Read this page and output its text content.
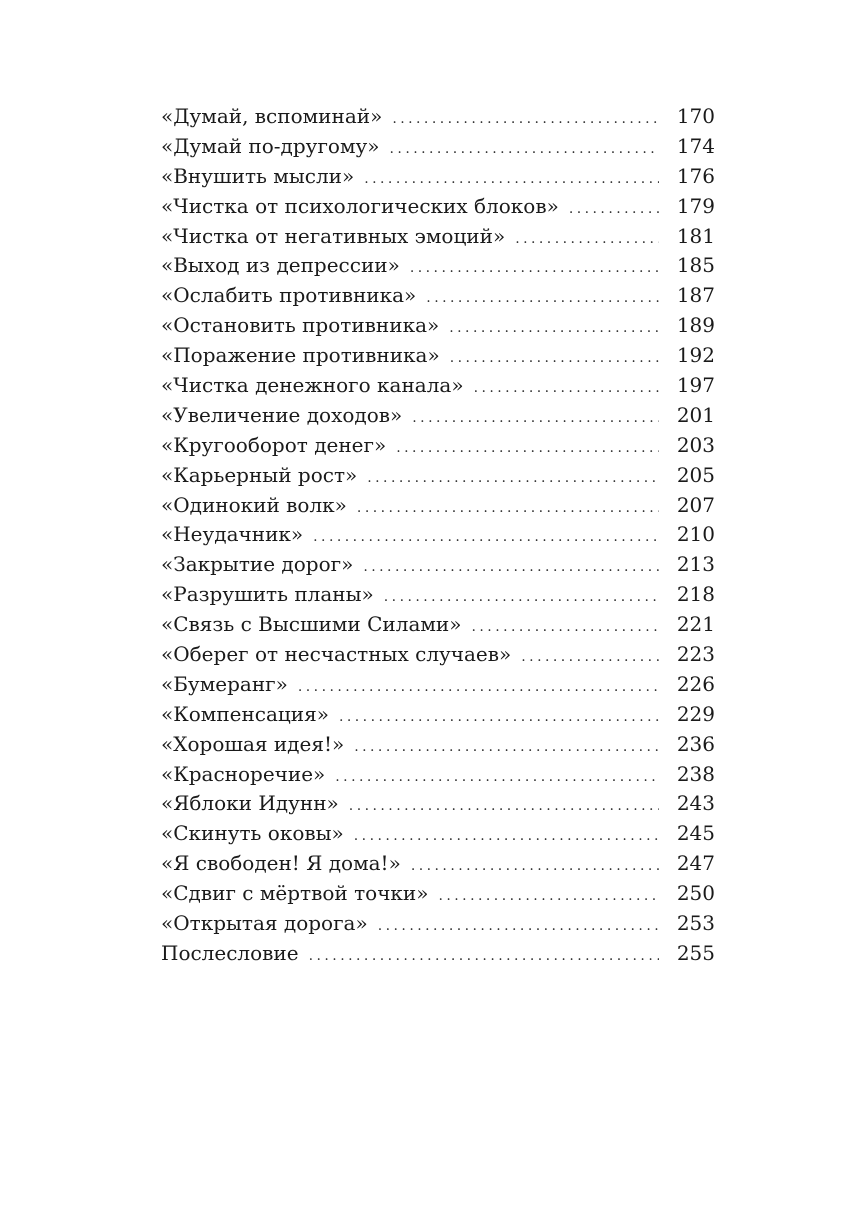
«Думай, вспоминай» . . .	170
«Думай по-другому» . . .	174
«Внушить мысли» . . .	176
«Чистка от психологических блоков» . . .	179
«Чистка от негативных эмоций» . . .	181
«Выход из депрессии» . . .	185
«Ослабить противника» . . .	187
«Остановить противника» . . .	189
«Поражение противника» . . .	192
«Чистка денежного канала» . . .	197
«Увеличение доходов» . . .	201
«Кругооборот денег» . . .	203
«Карьерный рост» . . .	205
«Одинокий волк» . . .	207
«Неудачник» . . .	210
«Закрытие дорог» . . .	213
«Разрушить планы» . . .	218
«Связь с Высшими Силами» . . .	221
«Оберег от несчастных случаев» . . .	223
«Бумеранг» . . .	226
«Компенсация» . . .	229
«Хорошая идея!» . . .	236
«Красноречие» . . .	238
«Яблоки Идунн» . . .	243
«Скинуть оковы» . . .	245
«Я свободен! Я дома!» . . .	247
«Сдвиг с мёртвой точки» . . .	250
«Открытая дорога» . . .	253
Послесловие . . .	255
